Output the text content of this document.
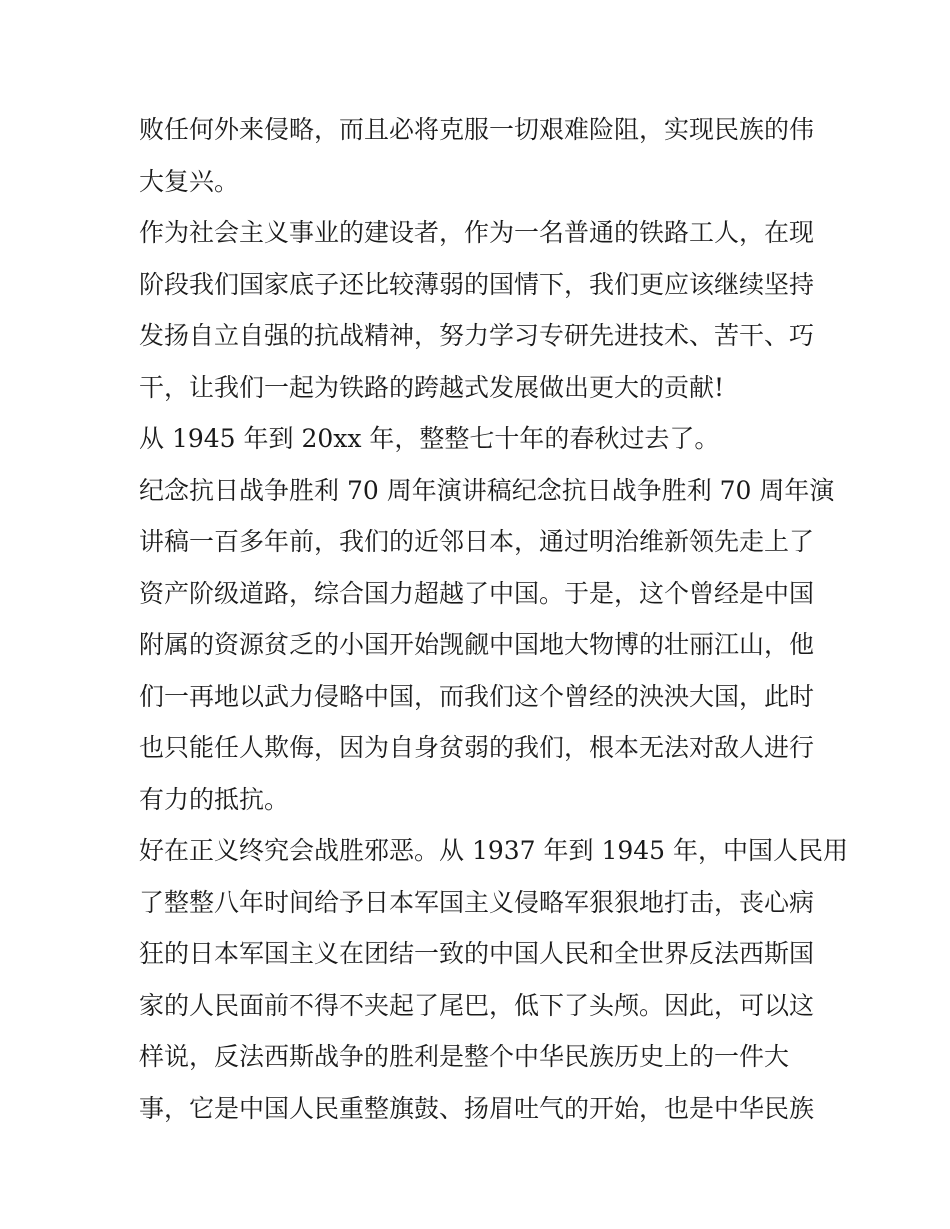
败任何外来侵略，而且必将克服一切艰难险阻，实现民族的伟
大复兴。
作为社会主义事业的建设者，作为一名普通的铁路工人，在现
阶段我们国家底子还比较薄弱的国情下，我们更应该继续坚持
发扬自立自强的抗战精神，努力学习专研先进技术、苦干、巧
干，让我们一起为铁路的跨越式发展做出更大的贡献!
从 1945 年到 20xx 年，整整七十年的春秋过去了。
纪念抗日战争胜利 70 周年演讲稿纪念抗日战争胜利 70 周年演
讲稿一百多年前，我们的近邻日本，通过明治维新领先走上了
资产阶级道路，综合国力超越了中国。于是，这个曾经是中国
附属的资源贫乏的小国开始觊觎中国地大物博的壮丽江山，他
们一再地以武力侵略中国，而我们这个曾经的泱泱大国，此时
也只能任人欺侮，因为自身贫弱的我们，根本无法对敌人进行
有力的抵抗。
好在正义终究会战胜邪恶。从 1937 年到 1945 年，中国人民用
了整整八年时间给予日本军国主义侵略军狠狠地打击，丧心病
狂的日本军国主义在团结一致的中国人民和全世界反法西斯国
家的人民面前不得不夹起了尾巴，低下了头颅。因此，可以这
样说，反法西斯战争的胜利是整个中华民族历史上的一件大
事，它是中国人民重整旗鼓、扬眉吐气的开始，也是中华民族
